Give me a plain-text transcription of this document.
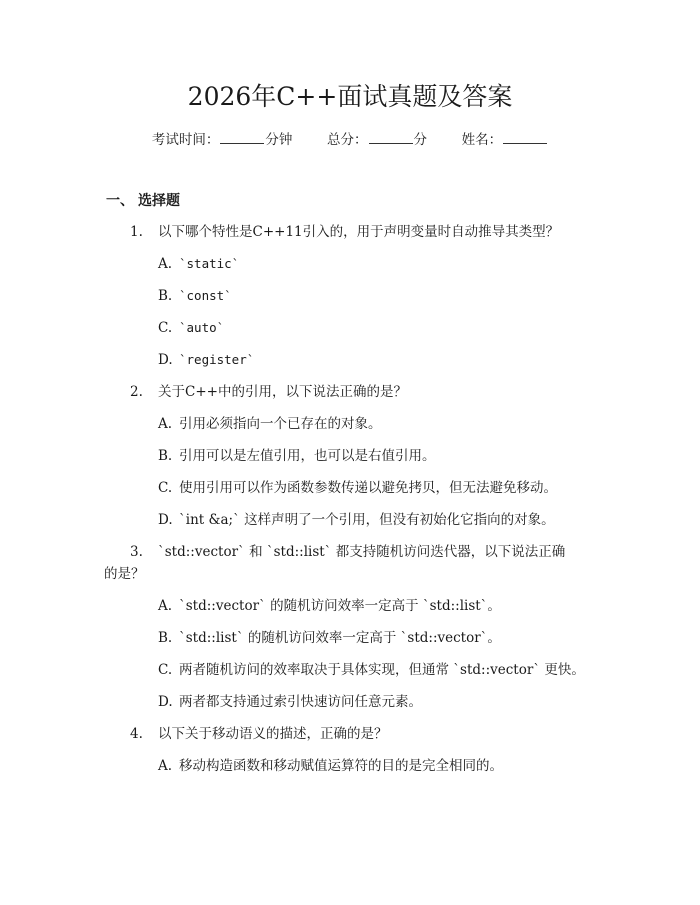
2026年C++面试真题及答案
考试时间：	分钟	总分：	分	姓名：
一、 选择题
1. 以下哪个特性是C++11引入的，用于声明变量时自动推导其类型？
A. `static`
B. `const`
C. `auto`
D. `register`
2. 关于C++中的引用，以下说法正确的是？
A. 引用必须指向一个已存在的对象。
B. 引用可以是左值引用，也可以是右值引用。
C. 使用引用可以作为函数参数传递以避免拷贝，但无法避免移动。
D. `int &a;` 这样声明了一个引用，但没有初始化它指向的对象。
3. `std::vector` 和 `std::list` 都支持随机访问迭代器，以下说法正确
的是？
A. `std::vector` 的随机访问效率一定高于 `std::list`。
B. `std::list` 的随机访问效率一定高于 `std::vector`。
C. 两者随机访问的效率取决于具体实现，但通常 `std::vector` 更快。
D. 两者都支持通过索引快速访问任意元素。
4. 以下关于移动语义的描述，正确的是？
A. 移动构造函数和移动赋值运算符的目的是完全相同的。
